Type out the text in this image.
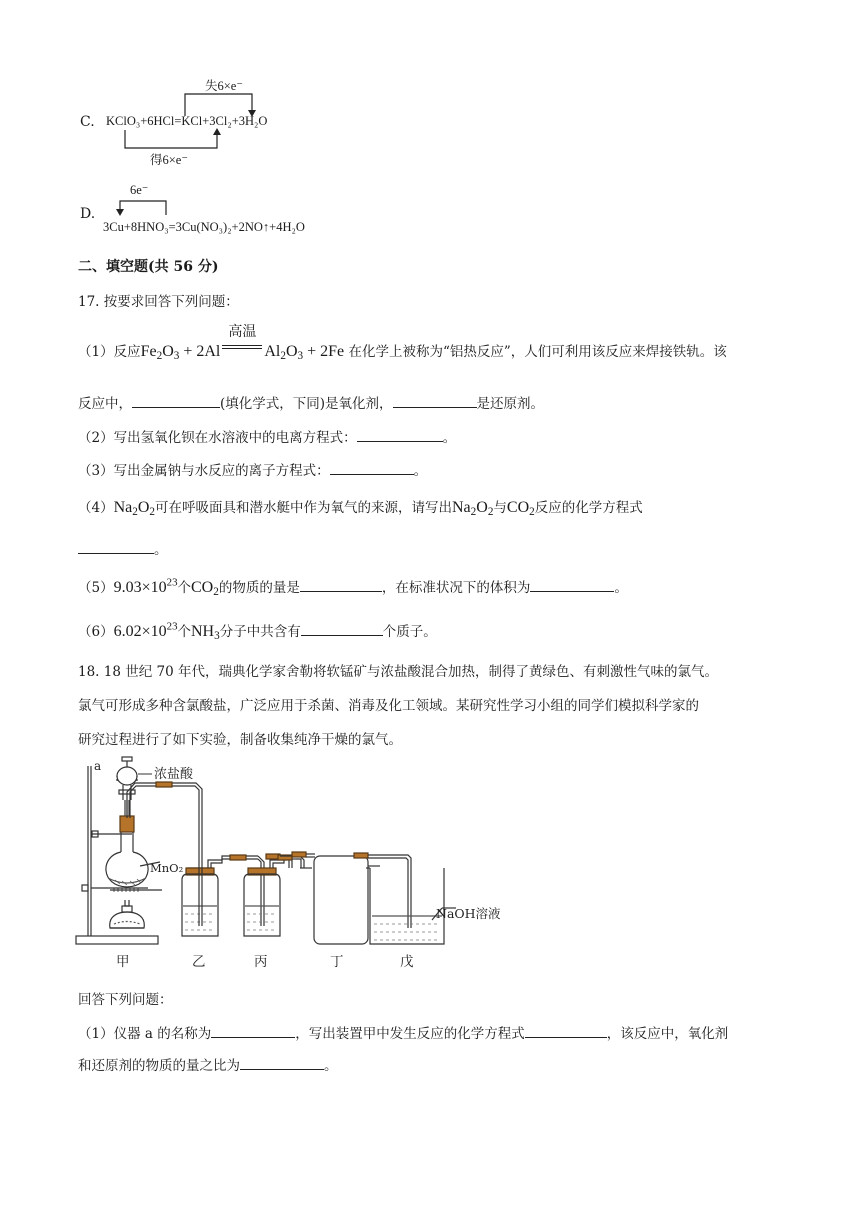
C.
失6×e⁻
KClO₃+6HCl=KCl+3Cl₂+3H₂O
得6×e⁻
D.
6e⁻
3Cu+8HNO₃=3Cu(NO₃)₂+2NO↑+4H₂O
二、填空题(共 56 分)
17. 按要求回答下列问题：
（1）反应$Fe_2O_3 + 2Al$
高温
$Al_2O_3 + 2Fe$ 在化学上被称为“铝热反应”，人们可利用该反应来焊接铁轨。该
反应中，	(填化学式，下同)是氧化剂，	是还原剂。
（2）写出氢氧化钡在水溶液中的电离方程式：	。
（3）写出金属钠与水反应的离子方程式：	。
$(4)Na_2O_2$可在呼吸面具和潜水艇中作为氧气的来源，请写出$Na_2O_2$与$CO_2$反应的化学方程式
。
$(5)9.03\times 10^{23}$个$CO_2$的物质的量是	，在标准状况下的体积为	。
$(6)6.02\times 10^{23}$个$NH_3$分子中共含有	个质子。
18. 18 世纪 70 年代，瑞典化学家舍勒将软锰矿与浓盐酸混合加热，制得了黄绿色、有刺激性气味的氯气。
氯气可形成多种含氯酸盐，广泛应用于杀菌、消毒及化工领域。某研究性学习小组的同学们模拟科学家的
研究过程进行了如下实验，制备收集纯净干燥的氯气。
a
浓盐酸
MnO₂
NaOH溶液
甲	乙	丙	丁	戊
回答下列问题：
（1）仪器 a 的名称为	，写出装置甲中发生反应的化学方程式	，该反应中，氧化剂
和还原剂的物质的量之比为	。
